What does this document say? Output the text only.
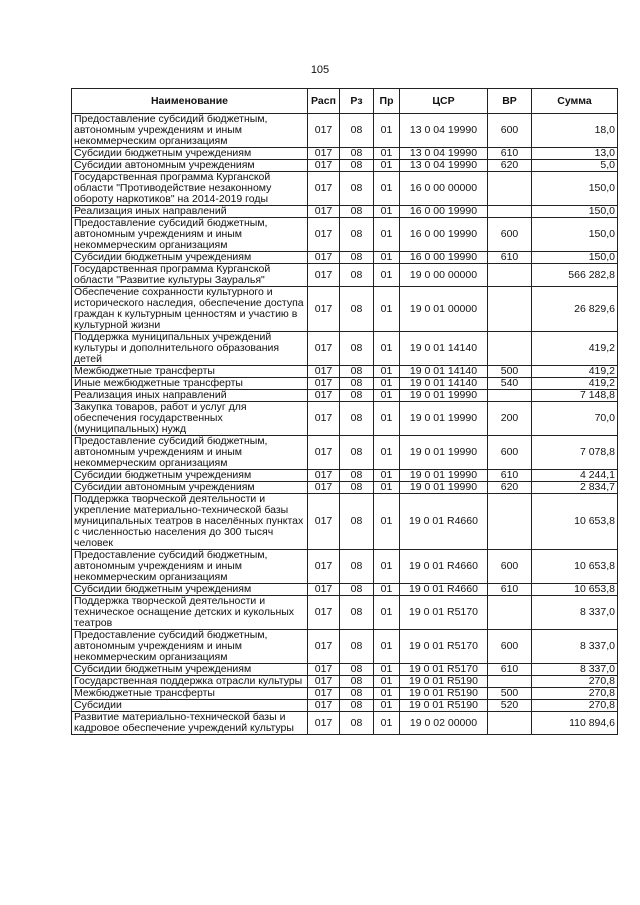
105
Наименование	Расп	Рз	Пр	ЦСР	ВР	Сумма
Предоставление субсидий бюджетным, автономным учреждениям и иным некоммерческим организациям	017	08	01	13 0 04 19990	600	18,0
Субсидии бюджетным учреждениям	017	08	01	13 0 04 19990	610	13,0
Субсидии автономным учреждениям	017	08	01	13 0 04 19990	620	5,0
Государственная программа Курганской области "Противодействие незаконному обороту наркотиков" на 2014-2019 годы	017	08	01	16 0 00 00000		150,0
Реализация иных направлений	017	08	01	16 0 00 19990		150,0
Предоставление субсидий бюджетным, автономным учреждениям и иным некоммерческим организациям	017	08	01	16 0 00 19990	600	150,0
Субсидии бюджетным учреждениям	017	08	01	16 0 00 19990	610	150,0
Государственная программа Курганской области "Развитие культуры Зауралья"	017	08	01	19 0 00 00000		566 282,8
Обеспечение сохранности культурного и исторического наследия, обеспечение доступа граждан к культурным ценностям и участию в культурной жизни	017	08	01	19 0 01 00000		26 829,6
Поддержка муниципальных учреждений культуры и дополнительного образования детей	017	08	01	19 0 01 14140		419,2
Межбюджетные трансферты	017	08	01	19 0 01 14140	500	419,2
Иные межбюджетные трансферты	017	08	01	19 0 01 14140	540	419,2
Реализация иных направлений	017	08	01	19 0 01 19990		7 148,8
Закупка товаров, работ и услуг для обеспечения государственных (муниципальных) нужд	017	08	01	19 0 01 19990	200	70,0
Предоставление субсидий бюджетным, автономным учреждениям и иным некоммерческим организациям	017	08	01	19 0 01 19990	600	7 078,8
Субсидии бюджетным учреждениям	017	08	01	19 0 01 19990	610	4 244,1
Субсидии автономным учреждениям	017	08	01	19 0 01 19990	620	2 834,7
Поддержка творческой деятельности и укрепление материально-технической базы муниципальных театров в населённых пунктах с численностью населения до 300 тысяч человек	017	08	01	19 0 01 R4660		10 653,8
Предоставление субсидий бюджетным, автономным учреждениям и иным некоммерческим организациям	017	08	01	19 0 01 R4660	600	10 653,8
Субсидии бюджетным учреждениям	017	08	01	19 0 01 R4660	610	10 653,8
Поддержка творческой деятельности и техническое оснащение детских и кукольных театров	017	08	01	19 0 01 R5170		8 337,0
Предоставление субсидий бюджетным, автономным учреждениям и иным некоммерческим организациям	017	08	01	19 0 01 R5170	600	8 337,0
Субсидии бюджетным учреждениям	017	08	01	19 0 01 R5170	610	8 337,0
Государственная поддержка отрасли культуры	017	08	01	19 0 01 R5190		270,8
Межбюджетные трансферты	017	08	01	19 0 01 R5190	500	270,8
Субсидии	017	08	01	19 0 01 R5190	520	270,8
Развитие материально-технической базы и кадровое обеспечение учреждений культуры	017	08	01	19 0 02 00000		110 894,6
